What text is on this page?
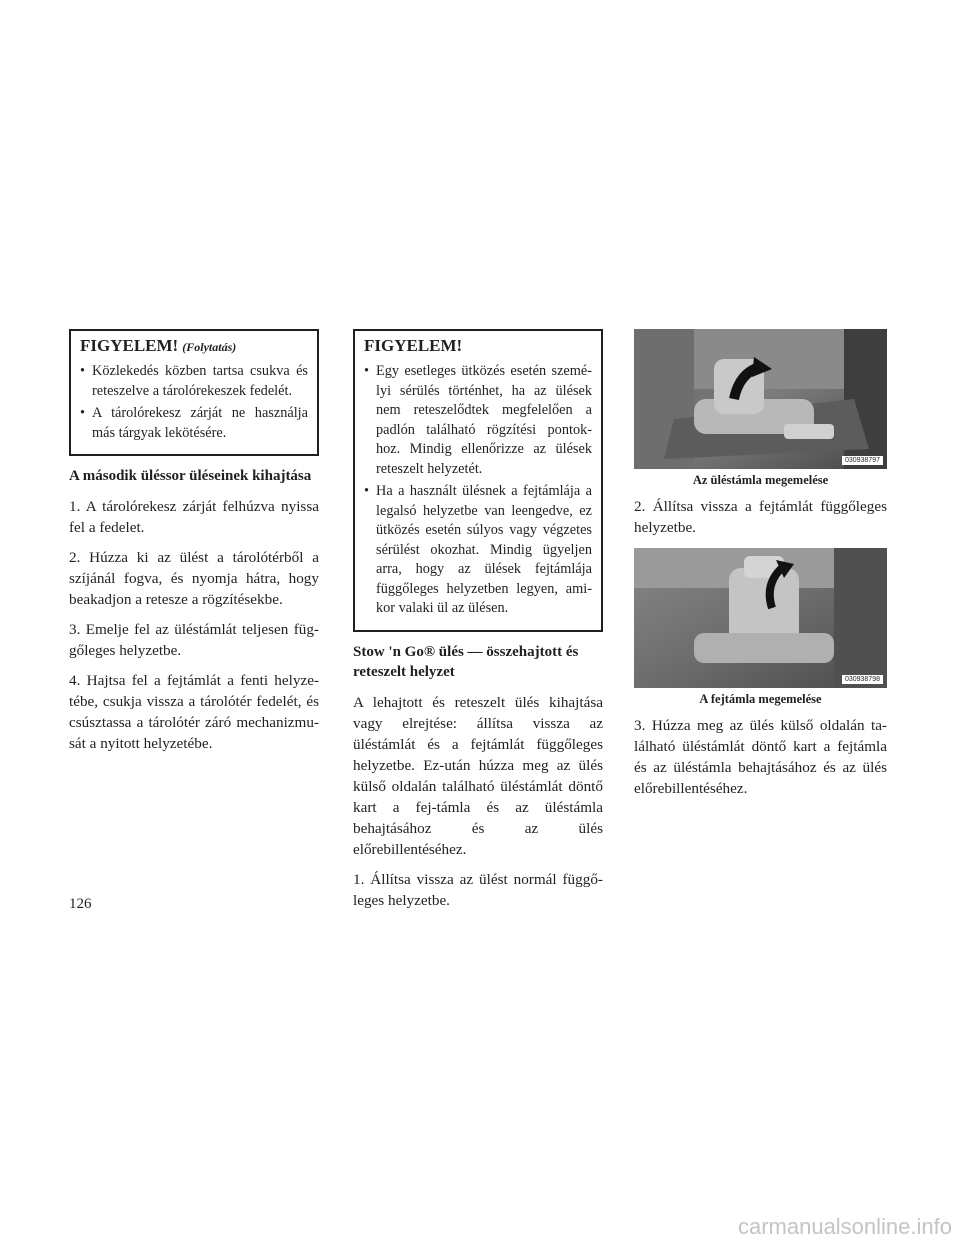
FIGYELEM! (Folytatás)
• Közlekedés közben tartsa csukva és reteszelve a tárolórekeszek fedelét.
• A tárolórekesz zárját ne használja más tárgyak lekötésére.
A második üléssor üléseinek kihajtása

1. A tárolórekesz zárját felhúzva nyissa fel a fedelet.

2. Húzza ki az ülést a tárolótérből a szíjánál fogva, és nyomja hátra, hogy beakadjon a retesze a rögzítésekbe.

3. Emelje fel az üléstámlát teljesen füg-gőleges helyzetbe.

4. Hajtsa fel a fejtámlát a fenti helyze-tébe, csukja vissza a tárolótér fedelét, és csúsztassa a tárolótér záró mechanizmu-sát a nyitott helyzetébe.

FIGYELEM!
• Egy esetleges ütközés esetén szemé-lyi sérülés történhet, ha az ülések nem reteszelődtek megfelelően a padlón található rögzítési pontok-hoz. Mindig ellenőrizze az ülések reteszelt helyzetét.
• Ha a használt ülésnek a fejtámlája a legalsó helyzetbe van leengedve, ez ütközés esetén súlyos vagy végzetes sérülést okozhat. Mindig ügyeljen arra, hogy az ülések fejtámlája függőleges helyzetben legyen, ami-kor valaki ül az ülésen.
Stow 'n Go® ülés — összehajtott és reteszelt helyzet

A lehajtott és reteszelt ülés kihajtása vagy elrejtése: állítsa vissza az üléstámlát és a fejtámlát függőleges helyzetbe. Ez-után húzza meg az ülés külső oldalán található üléstámlát döntő kart a fej-támla és az üléstámla behajtásához és az ülés előrebillentéséhez.

1. Állítsa vissza az ülést normál függő-leges helyzetbe.

030938797
Az üléstámla megemelése

2. Állítsa vissza a fejtámlát függőleges helyzetbe.

030938798
A fejtámla megemelése

3. Húzza meg az ülés külső oldalán ta-lálható üléstámlát döntő kart a fejtámla és az üléstámla behajtásához és az ülés előrebillentéséhez.

126
carmanualsonline.info
